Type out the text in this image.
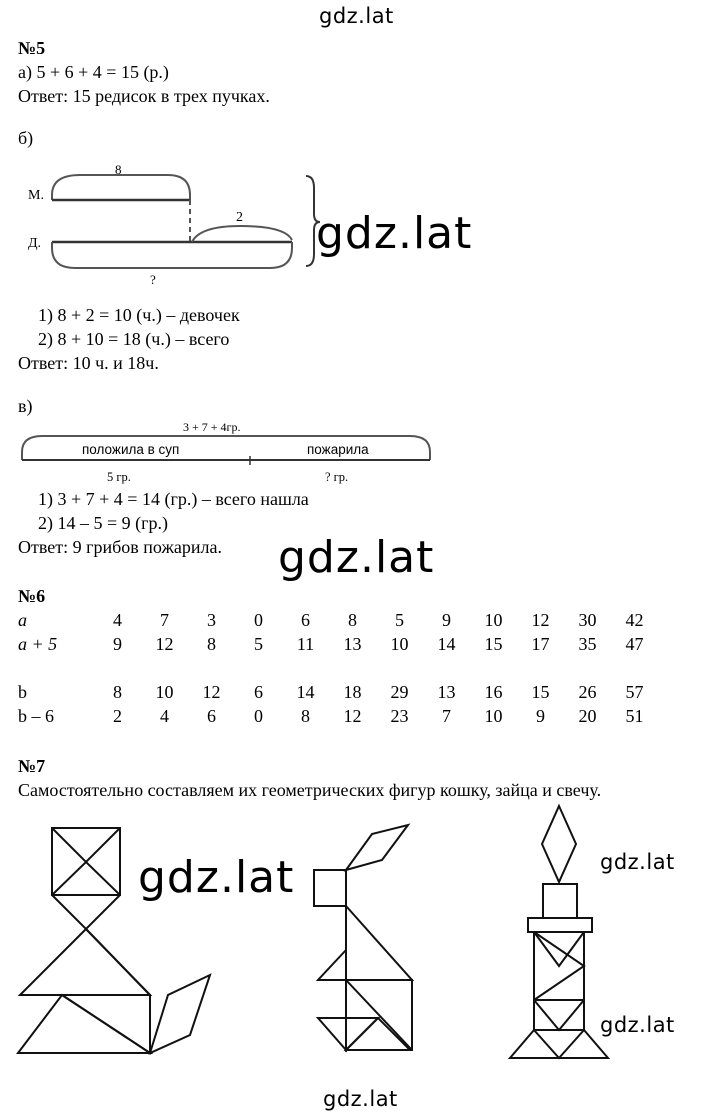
gdz.lat
№5
а) 5 + 6 + 4 = 15 (р.)
Ответ: 15 редисок в трех пучках.
б)
8
М.
Д.
2
?
gdz.lat
1) 8 + 2 = 10 (ч.) – девочек
2) 8 + 10 = 18 (ч.) – всего
Ответ: 10 ч. и 18ч.
в)
3 + 7 + 4гр.
положила в суп	пожарила
5 гр.	? гр.
1) 3 + 7 + 4 = 14 (гр.) – всего нашла
2) 14 – 5 = 9 (гр.)
Ответ: 9 грибов пожарила. gdz.lat
№6
a	4	7	3	0	6	8	5	9	10	12	30	42
a + 5	9	12	8	5	11	13	10	14	15	17	35	47

b	8	10	12	6	14	18	29	13	16	15	26	57
b – 6	2	4	6	0	8	12	23	7	10	9	20	51
№7
Самостоятельно составляем их геометрических фигур кошку, зайца и свечу.
gdz.lat	gdz.lat
gdz.lat
gdz.lat
